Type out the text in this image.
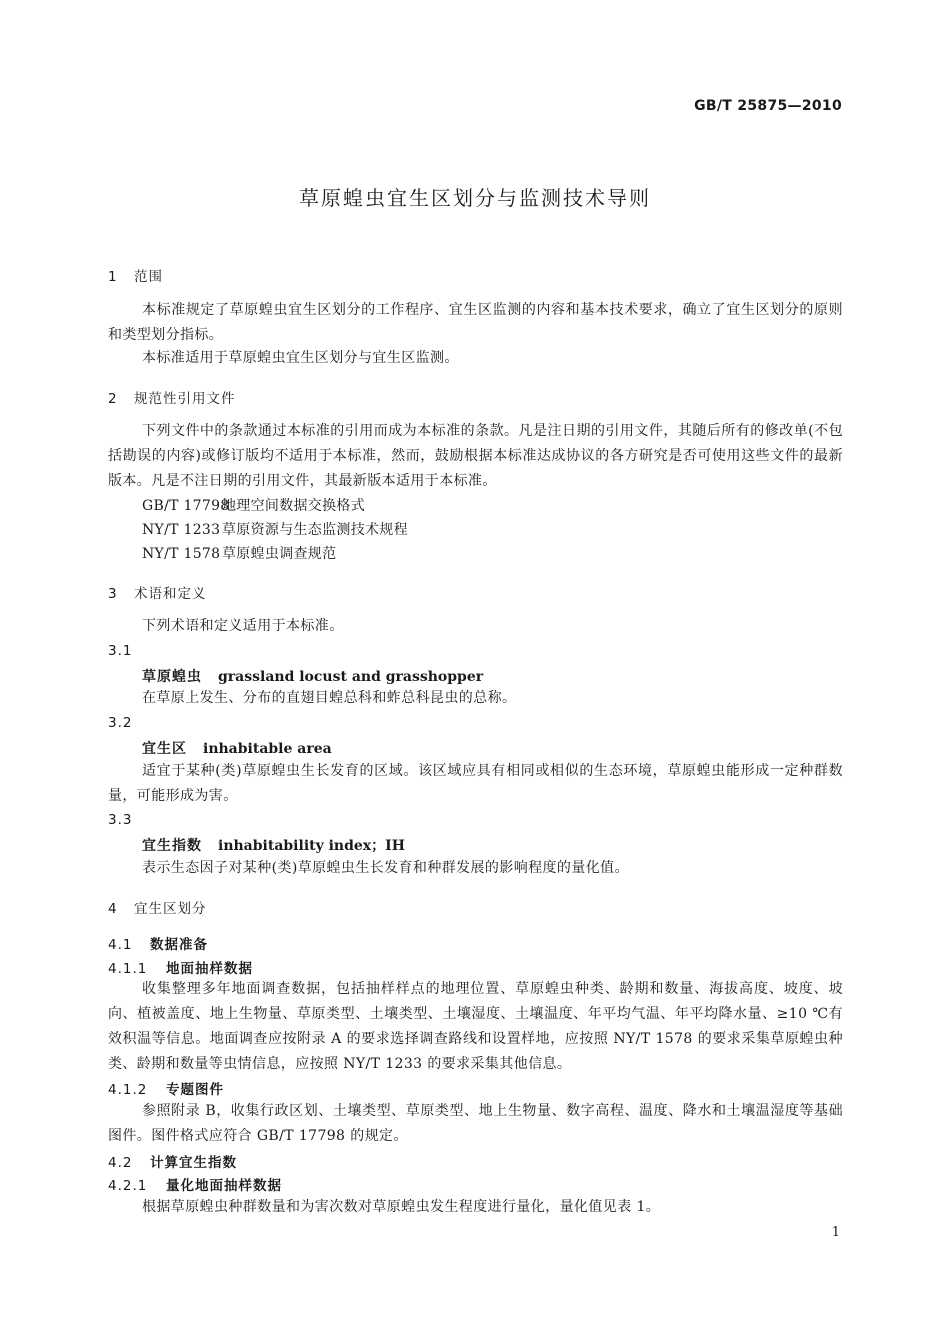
GB/T 25875—2010
草原蝗虫宜生区划分与监测技术导则
1 范围
本标准规定了草原蝗虫宜生区划分的工作程序、宜生区监测的内容和基本技术要求，确立了宜生区划分的原则和类型划分指标。
本标准适用于草原蝗虫宜生区划分与宜生区监测。
2 规范性引用文件
下列文件中的条款通过本标准的引用而成为本标准的条款。凡是注日期的引用文件，其随后所有的修改单(不包括勘误的内容)或修订版均不适用于本标准，然而，鼓励根据本标准达成协议的各方研究是否可使用这些文件的最新版本。凡是不注日期的引用文件，其最新版本适用于本标准。
GB/T 17798地理空间数据交换格式
NY/T 1233 草原资源与生态监测技术规程
NY/T 1578 草原蝗虫调查规范
3 术语和定义
下列术语和定义适用于本标准。
3.1
草原蝗虫 grassland locust and grasshopper
在草原上发生、分布的直翅目蝗总科和蚱总科昆虫的总称。
3.2
宜生区 inhabitable area
适宜于某种(类)草原蝗虫生长发育的区域。该区域应具有相同或相似的生态环境，草原蝗虫能形成一定种群数量，可能形成为害。
3.3
宜生指数 inhabitability index；IH
表示生态因子对某种(类)草原蝗虫生长发育和种群发展的影响程度的量化值。
4 宜生区划分
4.1 数据准备
4.1.1 地面抽样数据
收集整理多年地面调查数据，包括抽样样点的地理位置、草原蝗虫种类、龄期和数量、海拔高度、坡度、坡向、植被盖度、地上生物量、草原类型、土壤类型、土壤湿度、土壤温度、年平均气温、年平均降水量、≥10 ℃有效积温等信息。地面调查应按附录 A 的要求选择调查路线和设置样地，应按照 NY/T 1578 的要求采集草原蝗虫种类、龄期和数量等虫情信息，应按照 NY/T 1233 的要求采集其他信息。
4.1.2 专题图件
参照附录 B，收集行政区划、土壤类型、草原类型、地上生物量、数字高程、温度、降水和土壤温湿度等基础图件。图件格式应符合 GB/T 17798 的规定。
4.2 计算宜生指数
4.2.1 量化地面抽样数据
根据草原蝗虫种群数量和为害次数对草原蝗虫发生程度进行量化，量化值见表 1。
1
